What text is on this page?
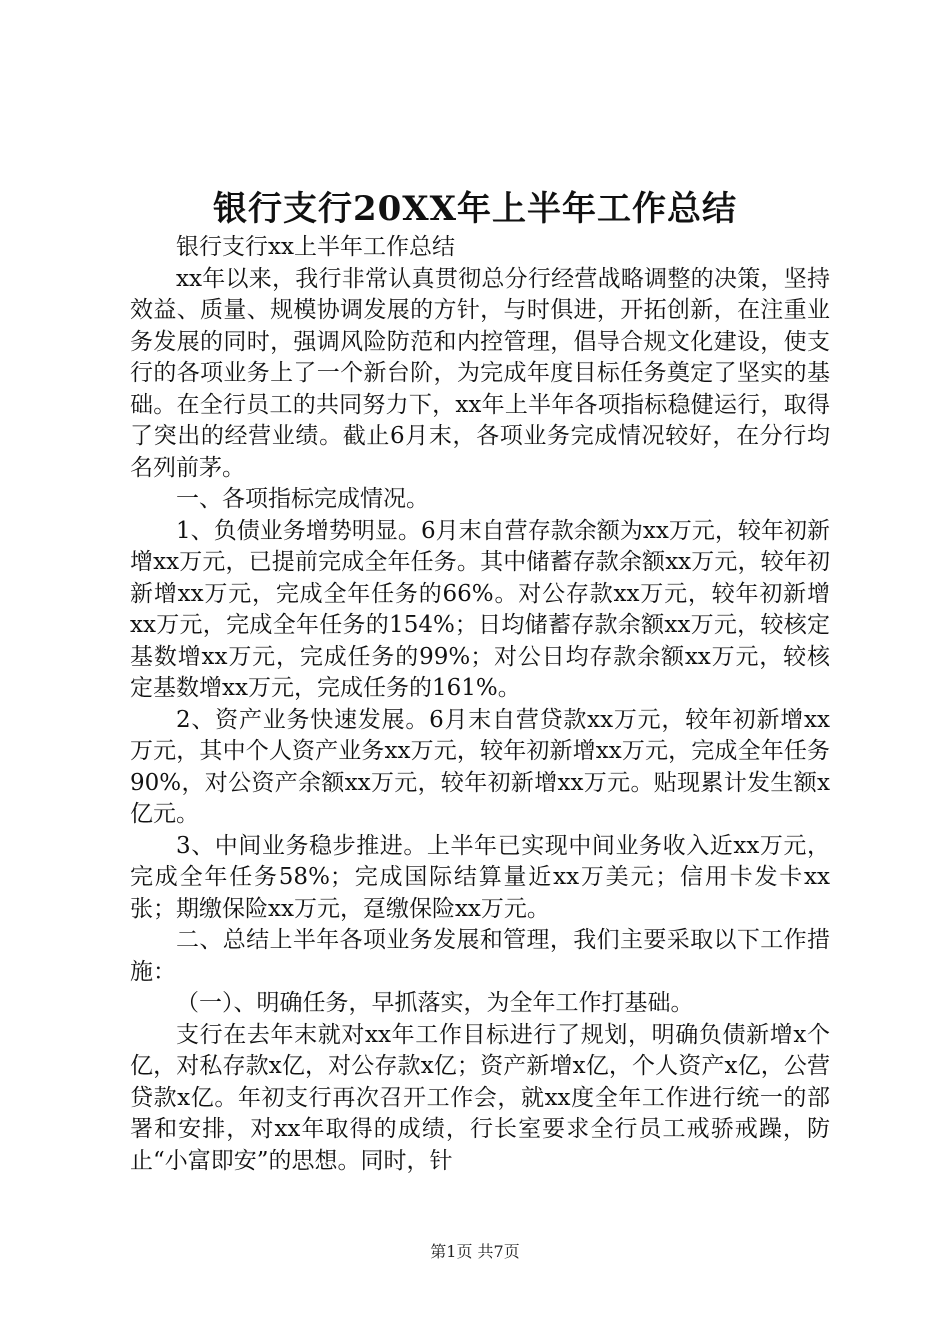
银行支行20XX年上半年工作总结

银行支行xx上半年工作总结

xx年以来，我行非常认真贯彻总分行经营战略调整的决策，坚持效益、质量、规模协调发展的方针，与时俱进，开拓创新，在注重业务发展的同时，强调风险防范和内控管理，倡导合规文化建设，使支行的各项业务上了一个新台阶，为完成年度目标任务奠定了坚实的基础。在全行员工的共同努力下，xx年上半年各项指标稳健运行，取得了突出的经营业绩。截止6月末，各项业务完成情况较好，在分行均名列前茅。

一、各项指标完成情况。

1、负债业务增势明显。6月末自营存款余额为xx万元，较年初新增xx万元，已提前完成全年任务。其中储蓄存款余额xx万元，较年初新增xx万元，完成全年任务的66%。对公存款xx万元，较年初新增xx万元，完成全年任务的154%；日均储蓄存款余额xx万元，较核定基数增xx万元，完成任务的99%；对公日均存款余额xx万元，较核定基数增xx万元，完成任务的161%。

2、资产业务快速发展。6月末自营贷款xx万元，较年初新增xx万元，其中个人资产业务xx万元，较年初新增xx万元，完成全年任务90%，对公资产余额xx万元，较年初新增xx万元。贴现累计发生额x亿元。

3、中间业务稳步推进。上半年已实现中间业务收入近xx万元，完成全年任务58%；完成国际结算量近xx万美元；信用卡发卡xx张；期缴保险xx万元，趸缴保险xx万元。

二、总结上半年各项业务发展和管理，我们主要采取以下工作措施：

（一）、明确任务，早抓落实，为全年工作打基础。

支行在去年末就对xx年工作目标进行了规划，明确负债新增x个亿，对私存款x亿，对公存款x亿；资产新增x亿，个人资产x亿，公营贷款x亿。年初支行再次召开工作会，就xx度全年工作进行统一的部署和安排，对xx年取得的成绩，行长室要求全行员工戒骄戒躁，防止“小富即安”的思想。同时，针

第1页 共7页
